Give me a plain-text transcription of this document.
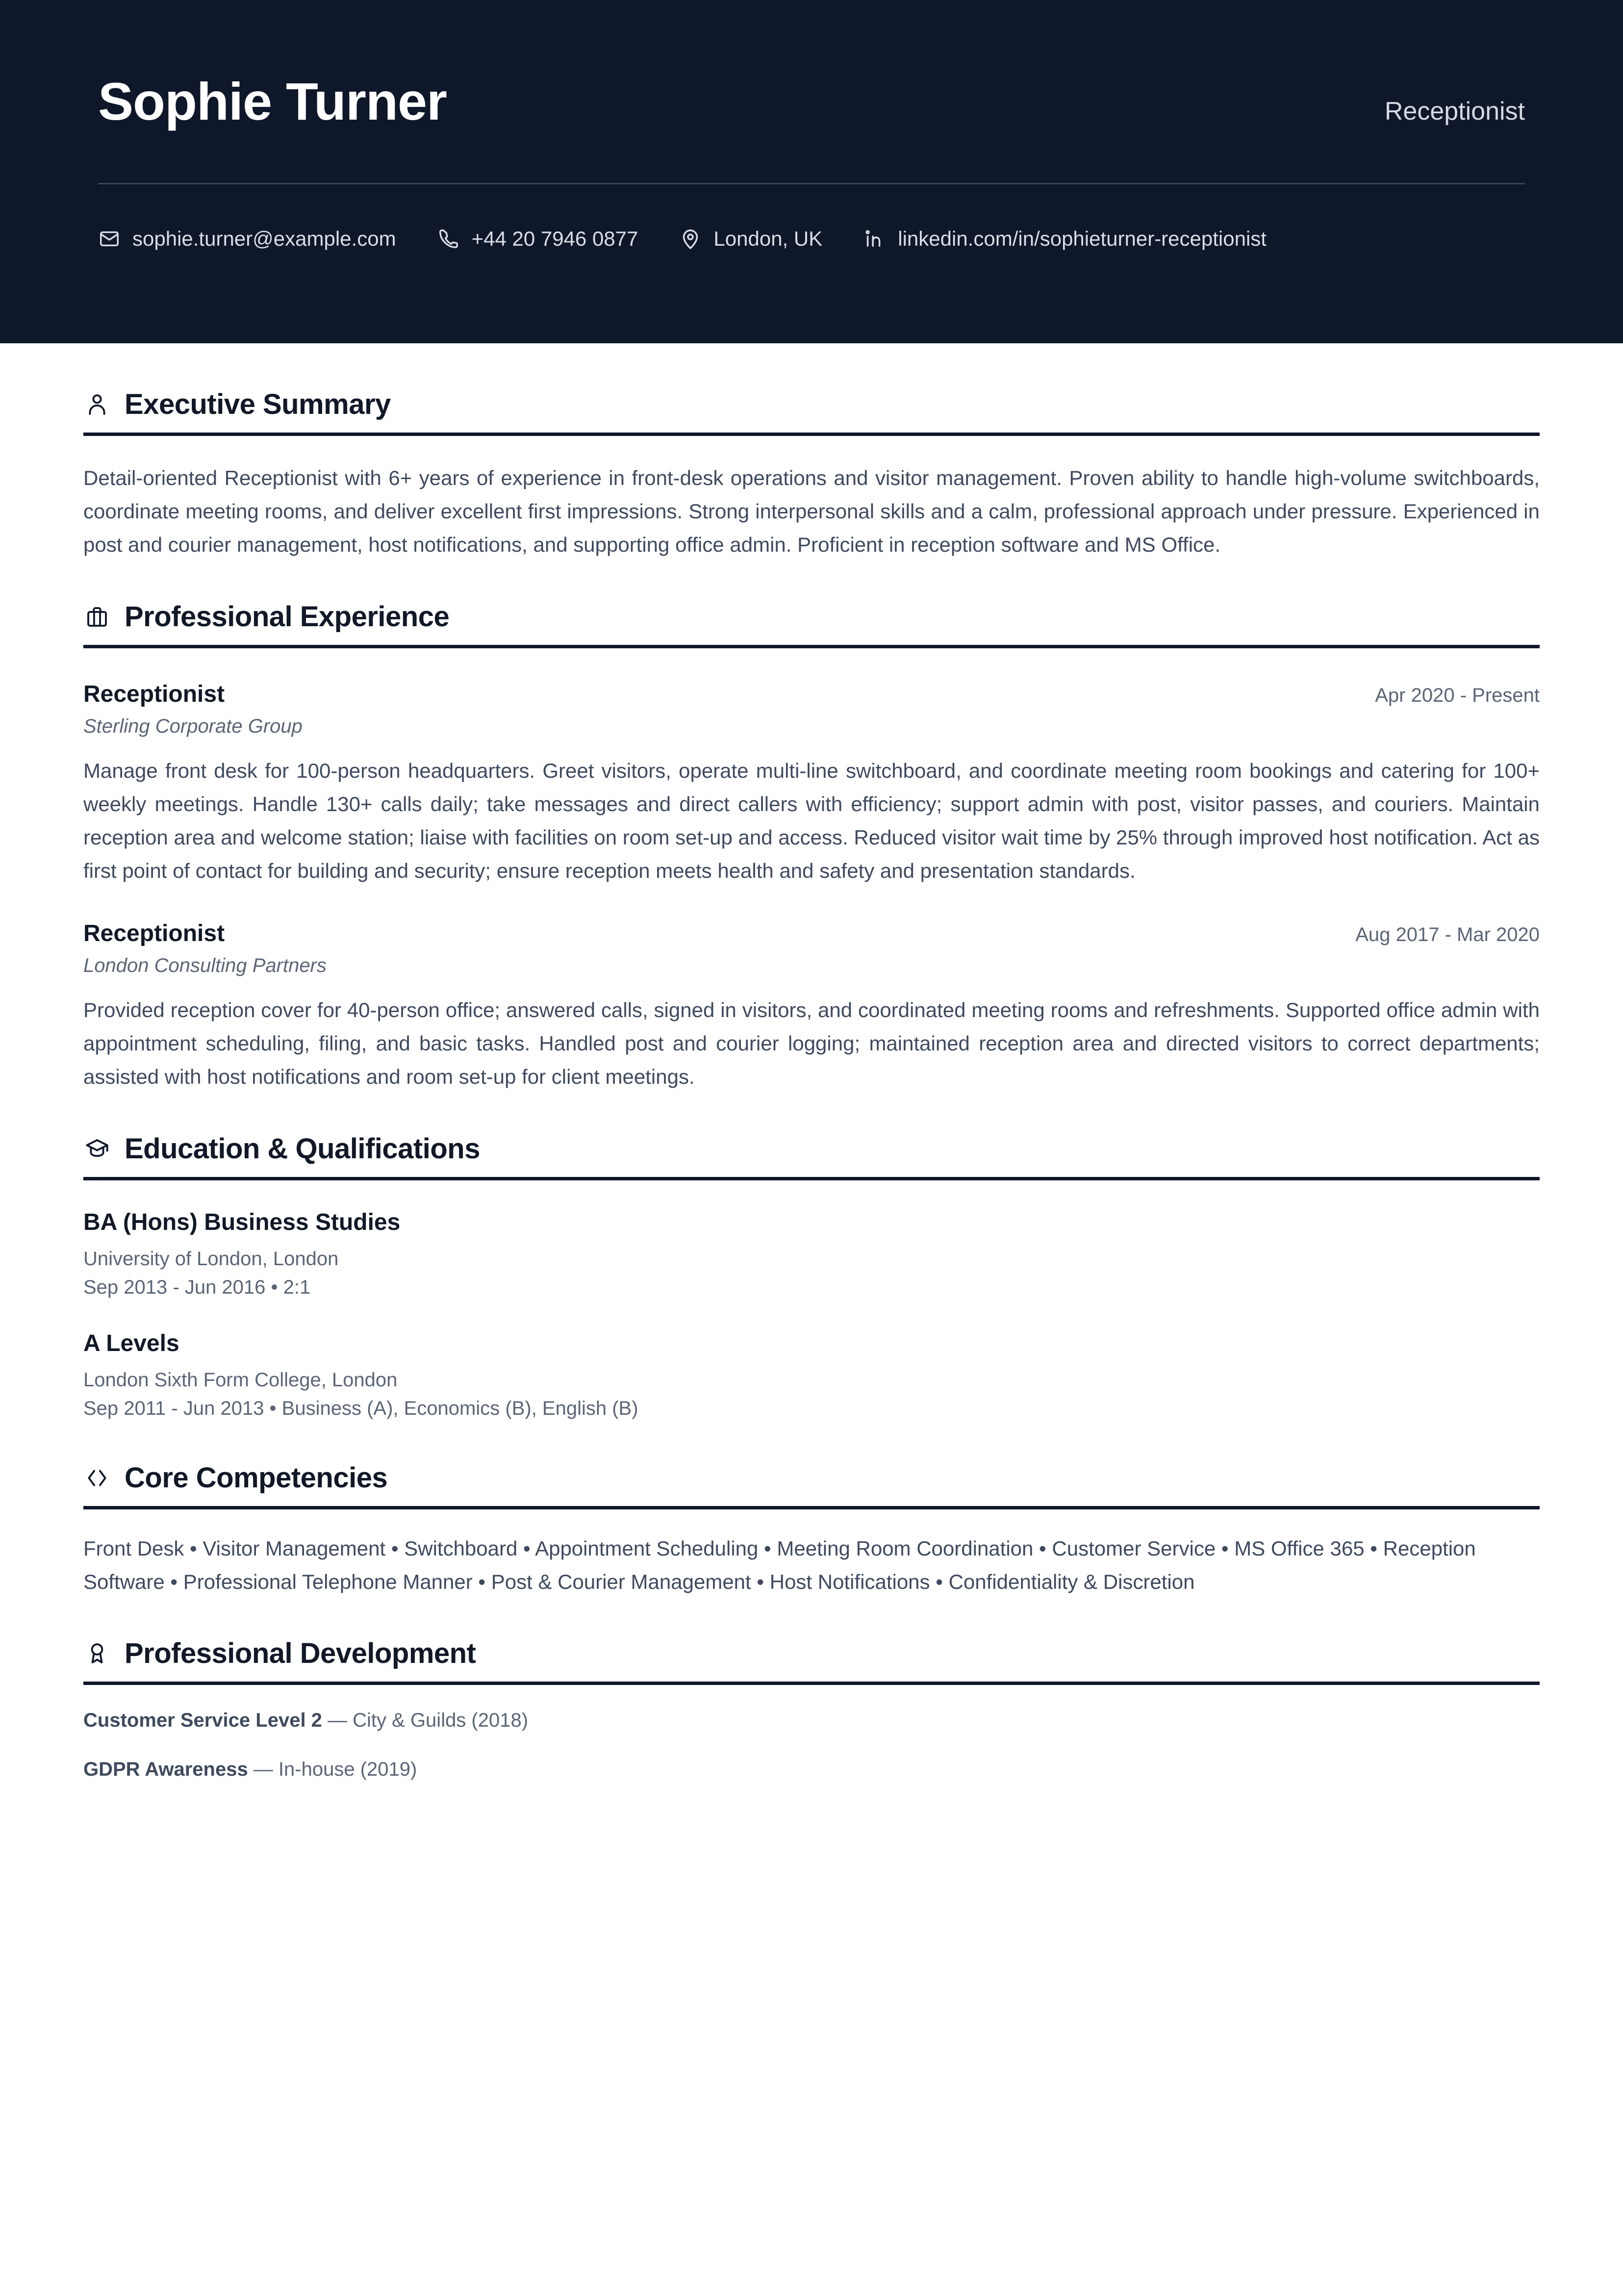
Sophie Turner	Receptionist
sophie.turner@example.com	+44 20 7946 0877	London, UK	linkedin.com/in/sophieturner-receptionist
Executive Summary

Detail-oriented Receptionist with 6+ years of experience in front-desk operations and visitor management. Proven ability to handle high-volume switchboards, coordinate meeting rooms, and deliver excellent first impressions. Strong interpersonal skills and a calm, professional approach under pressure. Experienced in post and courier management, host notifications, and supporting office admin. Proficient in reception software and MS Office.

Professional Experience
Receptionist	Apr 2020 - Present
Sterling Corporate Group

Manage front desk for 100-person headquarters. Greet visitors, operate multi-line switchboard, and coordinate meeting room bookings and catering for 100+ weekly meetings. Handle 130+ calls daily; take messages and direct callers with efficiency; support admin with post, visitor passes, and couriers. Maintain reception area and welcome station; liaise with facilities on room set-up and access. Reduced visitor wait time by 25% through improved host notification. Act as first point of contact for building and security; ensure reception meets health and safety and presentation standards.

Receptionist	Aug 2017 - Mar 2020
London Consulting Partners

Provided reception cover for 40-person office; answered calls, signed in visitors, and coordinated meeting rooms and refreshments. Supported office admin with appointment scheduling, filing, and basic tasks. Handled post and courier logging; maintained reception area and directed visitors to correct departments; assisted with host notifications and room set-up for client meetings.

Education & Qualifications
BA (Hons) Business Studies
University of London, London
Sep 2013 - Jun 2016 • 2:1
A Levels
London Sixth Form College, London
Sep 2011 - Jun 2013 • Business (A), Economics (B), English (B)
Core Competencies
Front Desk • Visitor Management • Switchboard • Appointment Scheduling • Meeting Room Coordination • Customer Service • MS Office 365 • Reception Software • Professional Telephone Manner • Post & Courier Management • Host Notifications • Confidentiality & Discretion
Professional Development
Customer Service Level 2 — City & Guilds (2018)
GDPR Awareness — In-house (2019)
